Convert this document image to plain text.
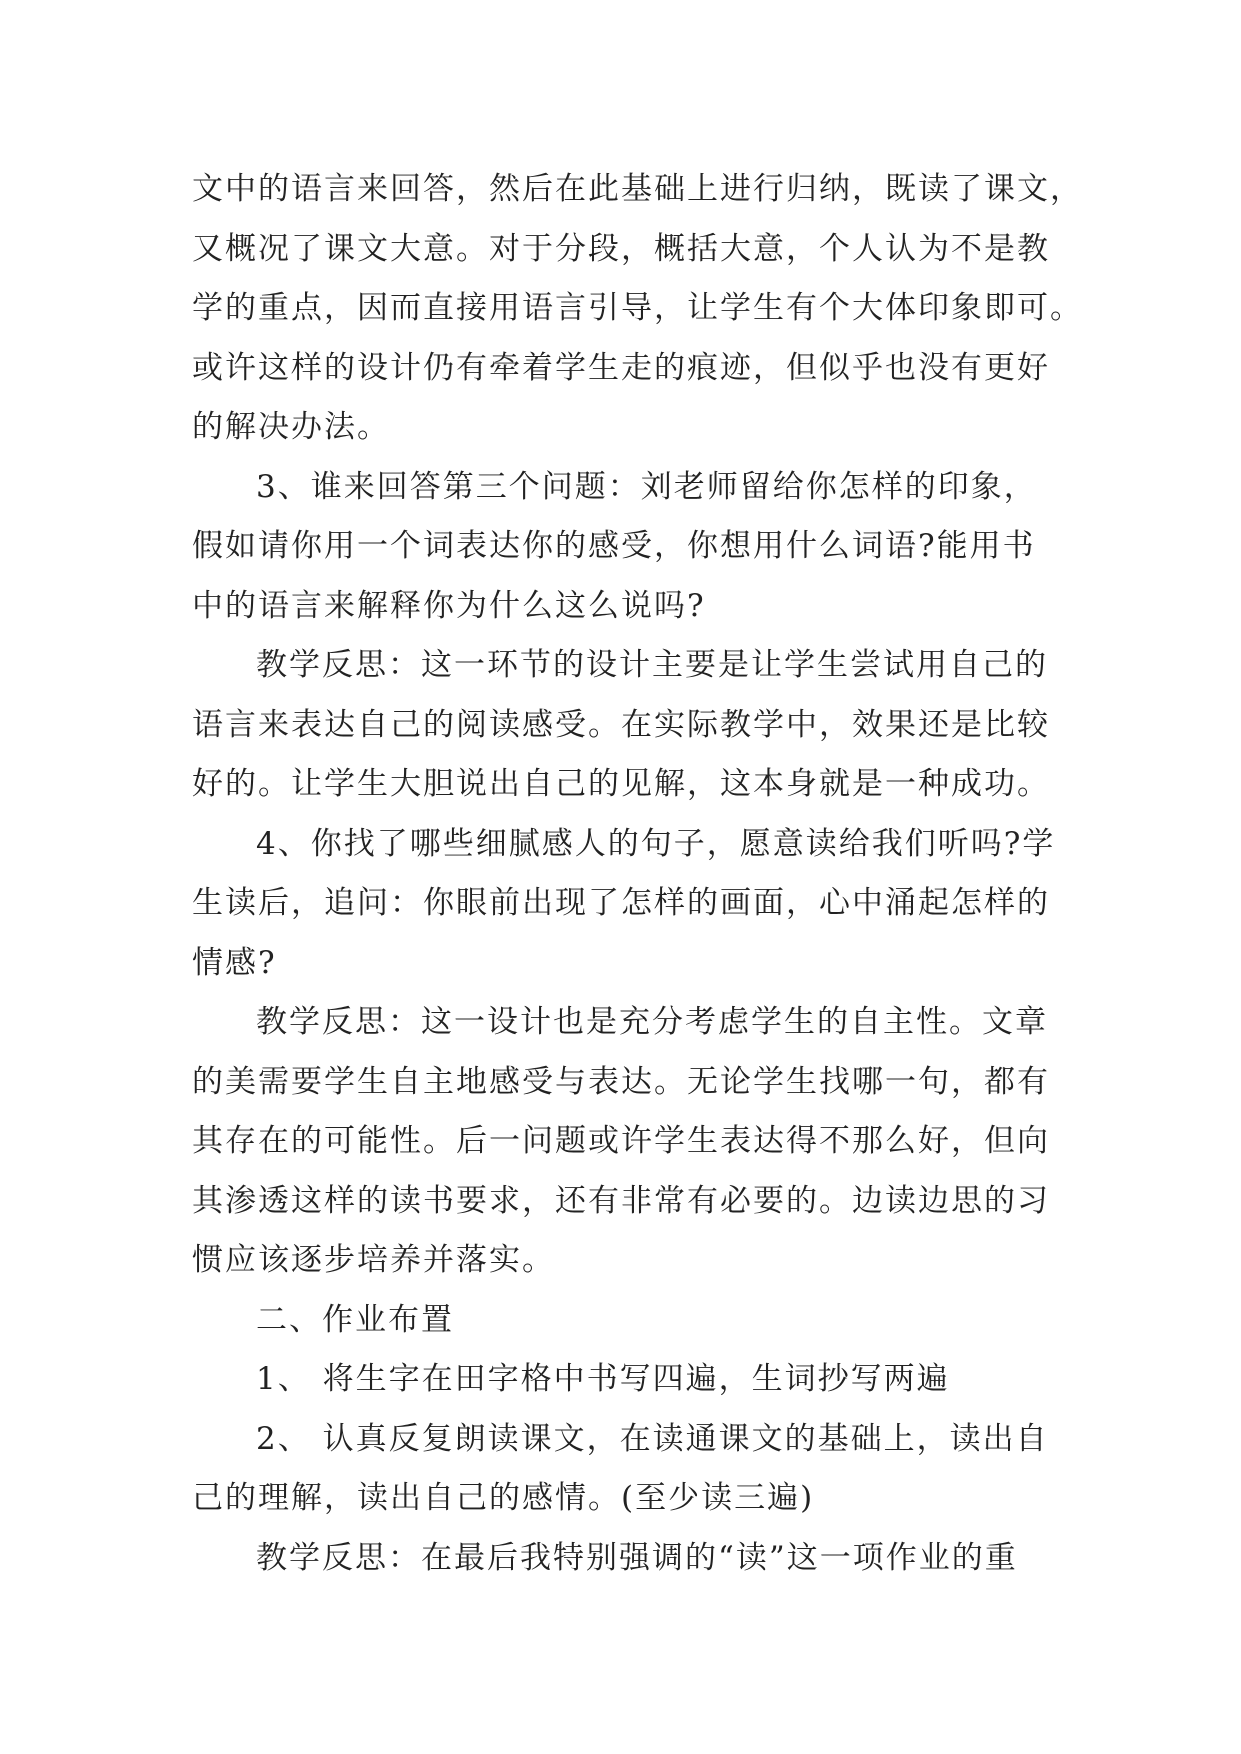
文中的语言来回答，然后在此基础上进行归纳，既读了课文，
又概况了课文大意。对于分段，概括大意，个人认为不是教
学的重点，因而直接用语言引导，让学生有个大体印象即可。
或许这样的设计仍有牵着学生走的痕迹，但似乎也没有更好
的解决办法。
3、谁来回答第三个问题：刘老师留给你怎样的印象，
假如请你用一个词表达你的感受，你想用什么词语?能用书
中的语言来解释你为什么这么说吗?
教学反思：这一环节的设计主要是让学生尝试用自己的
语言来表达自己的阅读感受。在实际教学中，效果还是比较
好的。让学生大胆说出自己的见解，这本身就是一种成功。
4、你找了哪些细腻感人的句子，愿意读给我们听吗?学
生读后，追问：你眼前出现了怎样的画面，心中涌起怎样的
情感?
教学反思：这一设计也是充分考虑学生的自主性。文章
的美需要学生自主地感受与表达。无论学生找哪一句，都有
其存在的可能性。后一问题或许学生表达得不那么好，但向
其渗透这样的读书要求，还有非常有必要的。边读边思的习
惯应该逐步培养并落实。
二、作业布置
1、 将生字在田字格中书写四遍，生词抄写两遍
2、 认真反复朗读课文，在读通课文的基础上，读出自
己的理解，读出自己的感情。(至少读三遍)
教学反思：在最后我特别强调的“读”这一项作业的重
